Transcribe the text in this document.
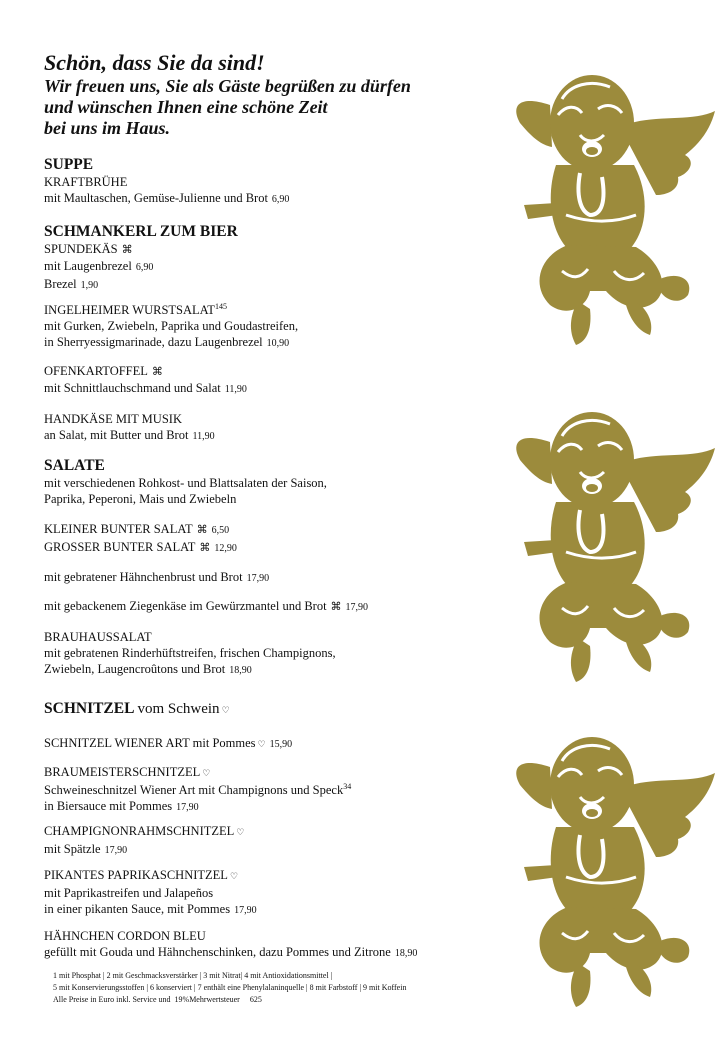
Schön, dass Sie da sind!
Wir freuen uns, Sie als Gäste begrüßen zu dürfen
und wünschen Ihnen eine schöne Zeit
bei uns im Haus.
SUPPE
KRAFTBRÜHE
mit Maultaschen, Gemüse-Julienne und Brot 6,90
SCHMANKERL ZUM BIER
SPUNDEKÄS ⌘
mit Laugenbrezel 6,90
Brezel 1,90
INGELHEIMER WURSTSALAT$^{145}$
mit Gurken, Zwiebeln, Paprika und Goudastreifen,
in Sherryessigmarinade, dazu Laugenbrezel 10,90
OFENKARTOFFEL ⌘
mit Schnittlauchschmand und Salat 11,90
HANDKÄSE MIT MUSIK
an Salat, mit Butter und Brot 11,90
SALATE
mit verschiedenen Rohkost- und Blattsalaten der Saison,
Paprika, Peperoni, Mais und Zwiebeln
KLEINER BUNTER SALAT ⌘ 6,50
GROSSER BUNTER SALAT ⌘ 12,90
mit gebratener Hähnchenbrust und Brot 17,90
mit gebackenem Ziegenkäse im Gewürzmantel und Brot ⌘ 17,90
BRAUHAUSSALAT
mit gebratenen Rinderhüftstreifen, frischen Champignons,
Zwiebeln, Laugencroûtons und Brot 18,90
SCHNITZEL vom Schwein ♡
SCHNITZEL WIENER ART mit Pommes ♡ 15,90
BRAUMEISTERSCHNITZEL ♡
Schweineschnitzel Wiener Art mit Champignons und Speck$^{34}$
in Biersauce mit Pommes 17,90
CHAMPIGNONRAHMSCHNITZEL ♡
mit Spätzle 17,90
PIKANTES PAPRIKASCHNITZEL ♡
mit Paprikastreifen und Jalapeños
in einer pikanten Sauce, mit Pommes 17,90
HÄHNCHEN CORDON BLEU
gefüllt mit Gouda und Hähnchenschinken, dazu Pommes und Zitrone 18,90
1 mit Phosphat | 2 mit Geschmacksverstärker | 3 mit Nitrat| 4 mit Antioxidationsmittel |
5 mit Konservierungsstoffen | 6 konserviert | 7 enthält eine Phenylalaninquelle | 8 mit Farbstoff | 9 mit Koffein
Alle Preise in Euro inkl. Service und  19%Mehrwertsteuer     625
